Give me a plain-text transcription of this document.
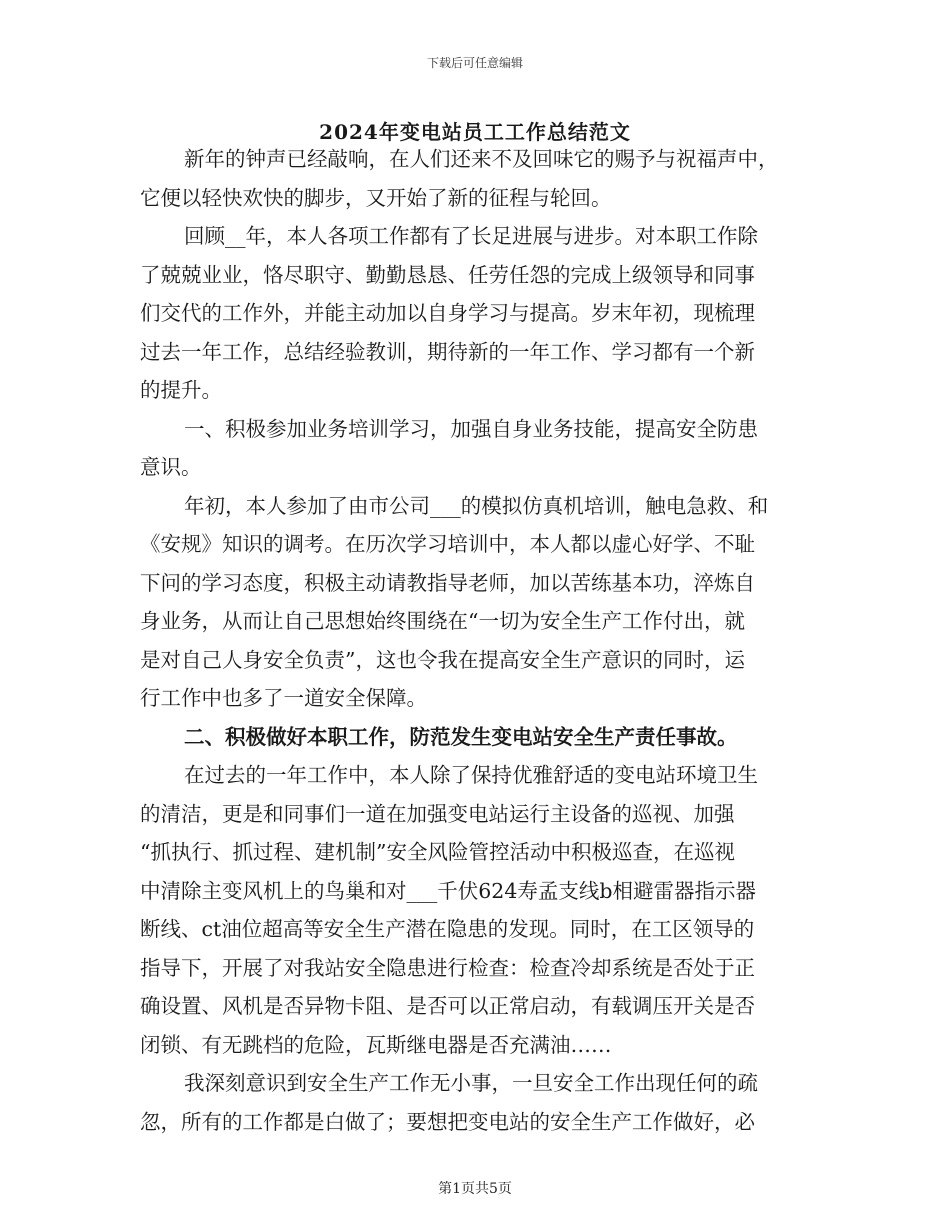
下载后可任意编辑
2024年变电站员工工作总结范文
新年的钟声已经敲响，在人们还来不及回味它的赐予与祝福声中，
它便以轻快欢快的脚步，又开始了新的征程与轮回。
回顾__年，本人各项工作都有了长足进展与进步。对本职工作除
了兢兢业业，恪尽职守、勤勤恳恳、任劳任怨的完成上级领导和同事
们交代的工作外，并能主动加以自身学习与提高。岁末年初，现梳理
过去一年工作，总结经验教训，期待新的一年工作、学习都有一个新
的提升。
一、积极参加业务培训学习，加强自身业务技能，提高安全防患
意识。
年初，本人参加了由市公司___的模拟仿真机培训，触电急救、和
《安规》知识的调考。在历次学习培训中，本人都以虚心好学、不耻
下问的学习态度，积极主动请教指导老师，加以苦练基本功，淬炼自
身业务，从而让自己思想始终围绕在“一切为安全生产工作付出，就
是对自己人身安全负责”，这也令我在提高安全生产意识的同时，运
行工作中也多了一道安全保障。
二、积极做好本职工作，防范发生变电站安全生产责任事故。
在过去的一年工作中，本人除了保持优雅舒适的变电站环境卫生
的清洁，更是和同事们一道在加强变电站运行主设备的巡视、加强
“抓执行、抓过程、建机制”安全风险管控活动中积极巡查，在巡视
中清除主变风机上的鸟巢和对___千伏624寿孟支线b相避雷器指示器
断线、ct油位超高等安全生产潜在隐患的发现。同时，在工区领导的
指导下，开展了对我站安全隐患进行检查：检查冷却系统是否处于正
确设置、风机是否异物卡阻、是否可以正常启动，有载调压开关是否
闭锁、有无跳档的危险，瓦斯继电器是否充满油……
我深刻意识到安全生产工作无小事，一旦安全工作出现任何的疏
忽，所有的工作都是白做了；要想把变电站的安全生产工作做好，必
第1页共5页
